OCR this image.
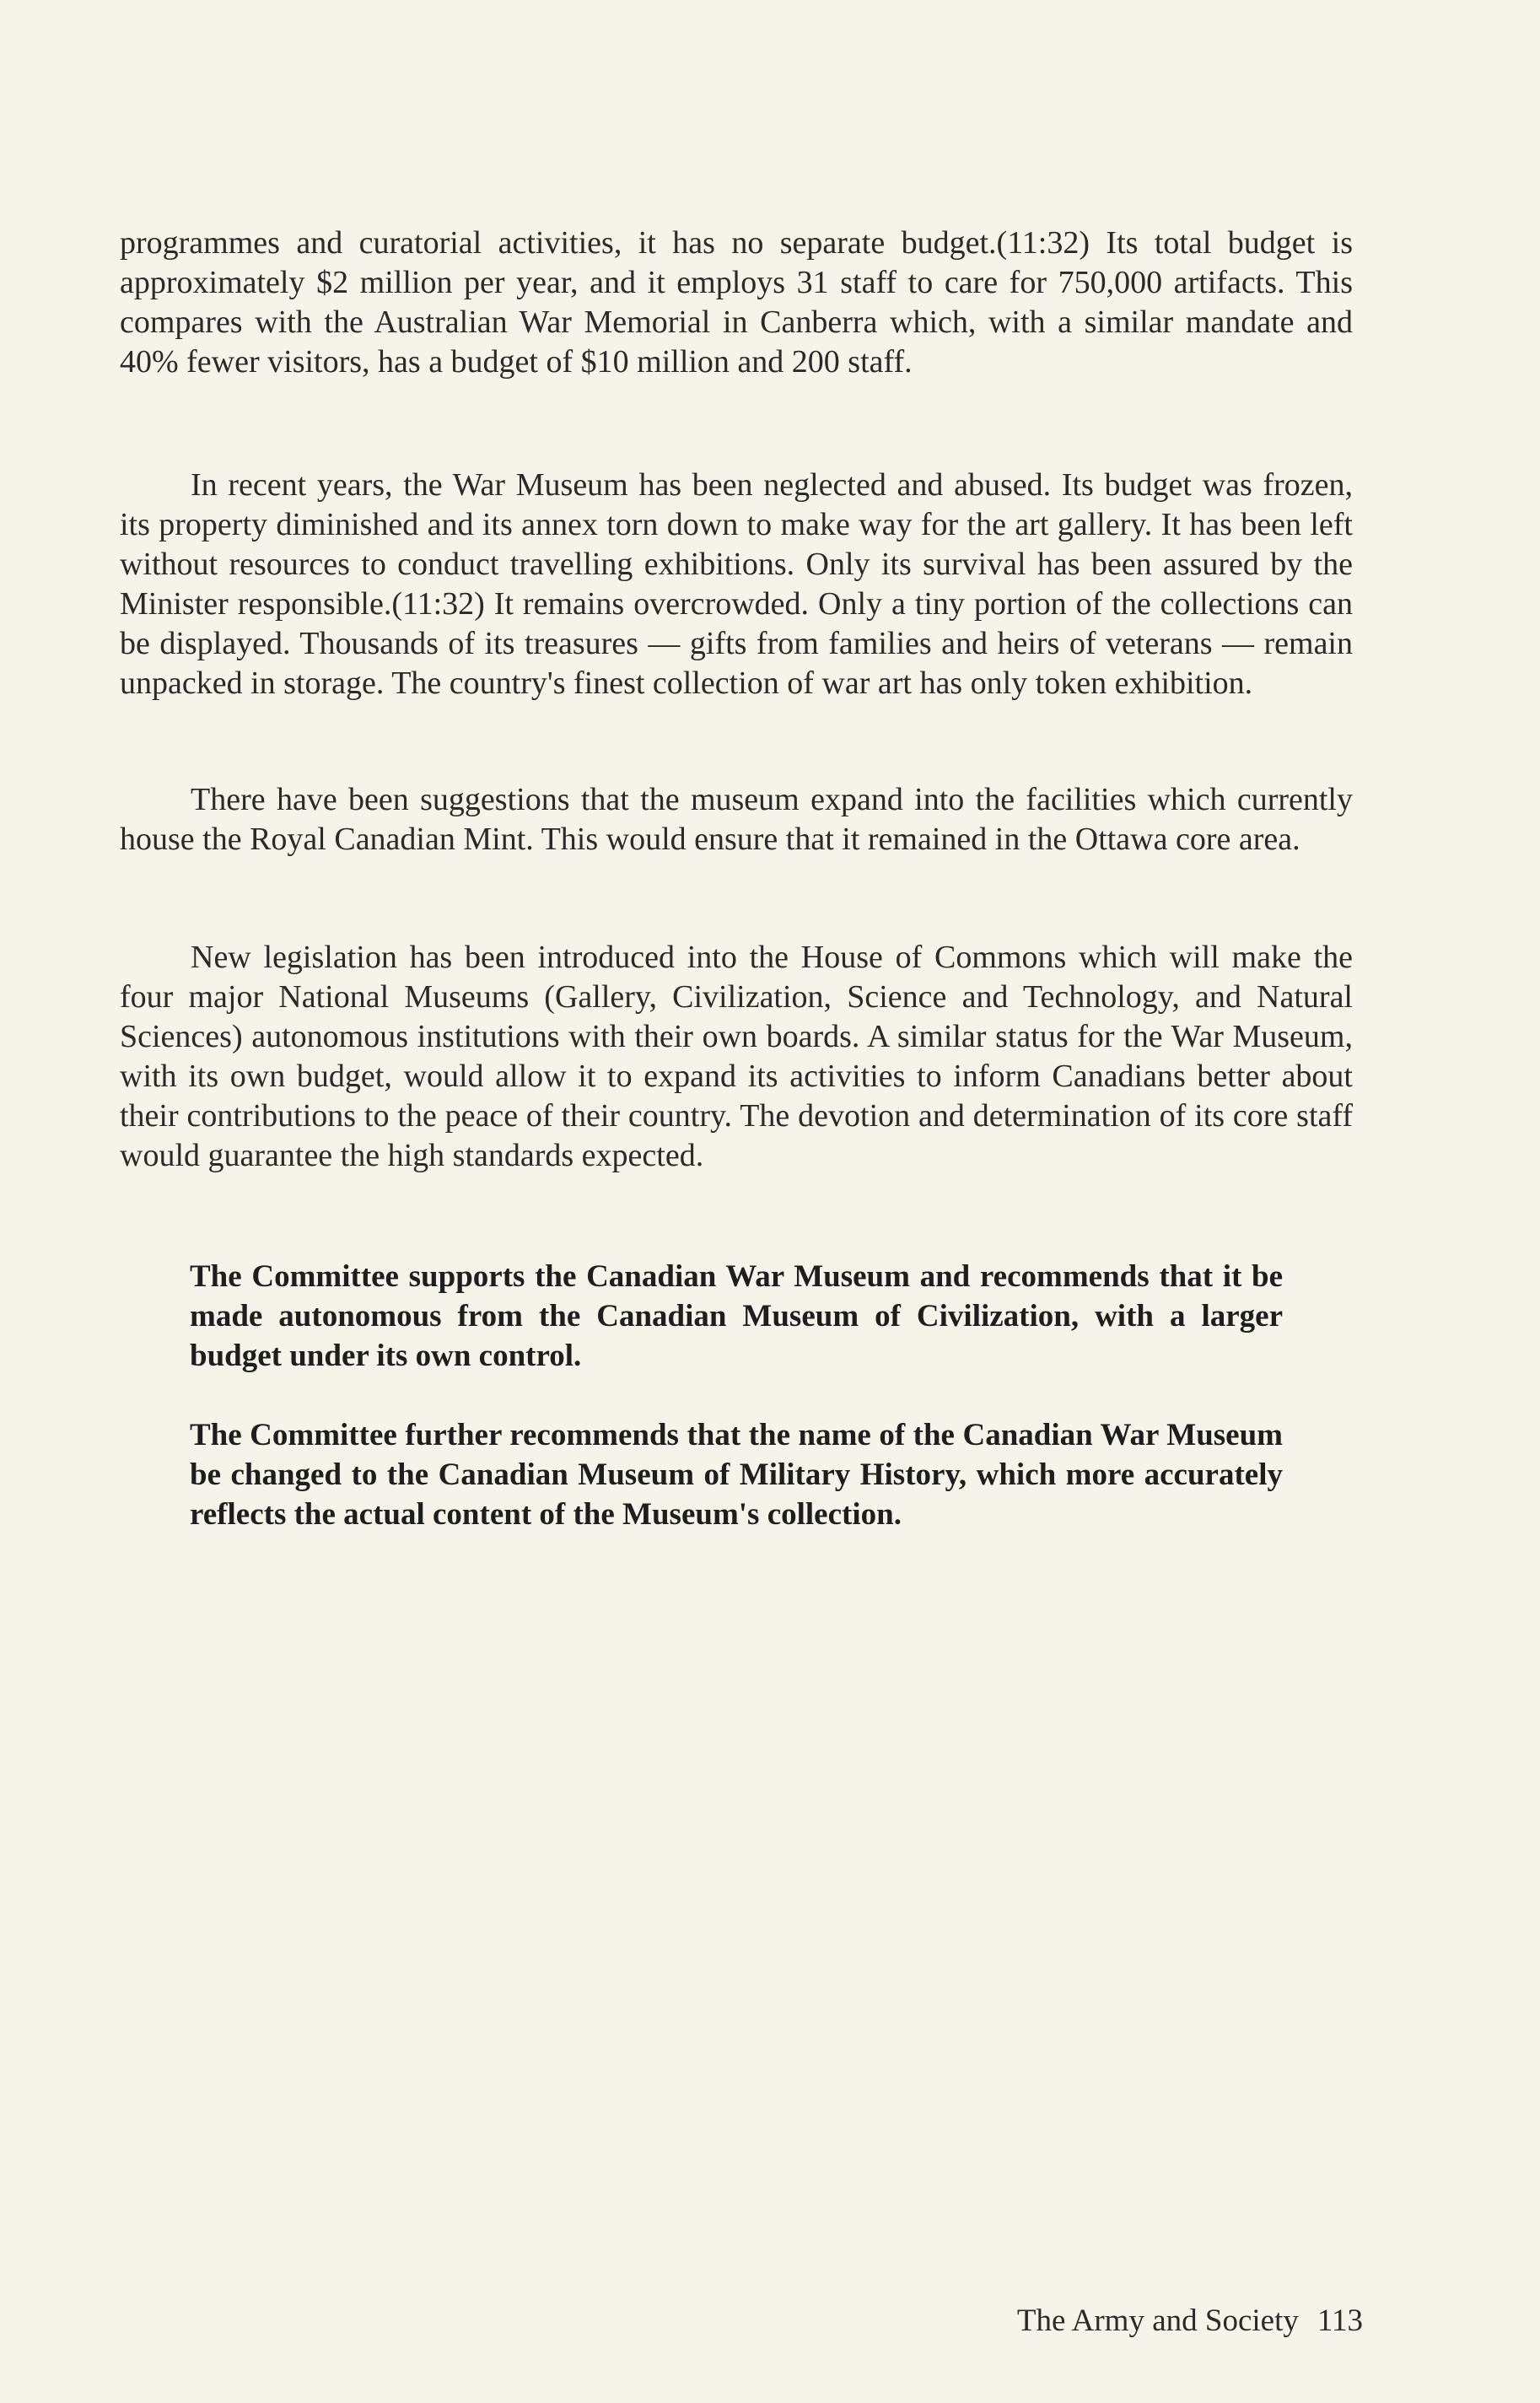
programmes and curatorial activities, it has no separate budget.(11:32) Its total budget is approximately $2 million per year, and it employs 31 staff to care for 750,000 artifacts. This compares with the Australian War Memorial in Canberra which, with a similar mandate and 40% fewer visitors, has a budget of $10 million and 200 staff.

In recent years, the War Museum has been neglected and abused. Its budget was frozen, its property diminished and its annex torn down to make way for the art gallery. It has been left without resources to conduct travelling exhibitions. Only its survival has been assured by the Minister responsible.(11:32) It remains overcrowded. Only a tiny portion of the collections can be displayed. Thousands of its treasures — gifts from families and heirs of veterans — remain unpacked in storage. The country's finest collection of war art has only token exhibition.

There have been suggestions that the museum expand into the facilities which currently house the Royal Canadian Mint. This would ensure that it remained in the Ottawa core area.

New legislation has been introduced into the House of Commons which will make the four major National Museums (Gallery, Civilization, Science and Technology, and Natural Sciences) autonomous institutions with their own boards. A similar status for the War Museum, with its own budget, would allow it to expand its activities to inform Canadians better about their contributions to the peace of their country. The devotion and determination of its core staff would guarantee the high standards expected.

The Committee supports the Canadian War Museum and recommends that it be made autonomous from the Canadian Museum of Civilization, with a larger budget under its own control.

The Committee further recommends that the name of the Canadian War Museum be changed to the Canadian Museum of Military History, which more accurately reflects the actual content of the Museum's collection.

The Army and Society 113
